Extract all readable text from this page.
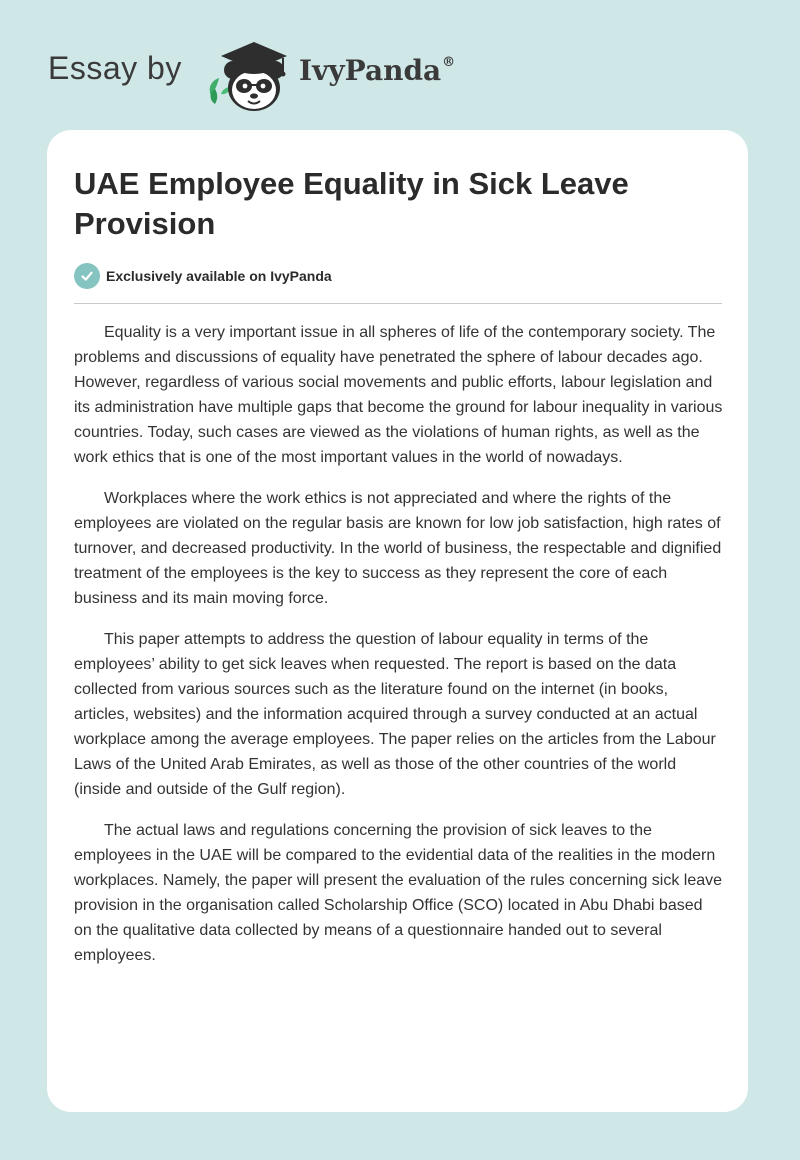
Essay by	IvyPanda®
UAE Employee Equality in Sick Leave Provision
Exclusively available on IvyPanda

Equality is a very important issue in all spheres of life of the contemporary society. The problems and discussions of equality have penetrated the sphere of labour decades ago. However, regardless of various social movements and public efforts, labour legislation and its administration have multiple gaps that become the ground for labour inequality in various countries. Today, such cases are viewed as the violations of human rights, as well as the work ethics that is one of the most important values in the world of nowadays.

Workplaces where the work ethics is not appreciated and where the rights of the employees are violated on the regular basis are known for low job satisfaction, high rates of turnover, and decreased productivity. In the world of business, the respectable and dignified treatment of the employees is the key to success as they represent the core of each business and its main moving force.

This paper attempts to address the question of labour equality in terms of the employees’ ability to get sick leaves when requested. The report is based on the data collected from various sources such as the literature found on the internet (in books, articles, websites) and the information acquired through a survey conducted at an actual workplace among the average employees. The paper relies on the articles from the Labour Laws of the United Arab Emirates, as well as those of the other countries of the world (inside and outside of the Gulf region).

The actual laws and regulations concerning the provision of sick leaves to the employees in the UAE will be compared to the evidential data of the realities in the modern workplaces. Namely, the paper will present the evaluation of the rules concerning sick leave provision in the organisation called Scholarship Office (SCO) located in Abu Dhabi based on the qualitative data collected by means of a questionnaire handed out to several employees.
